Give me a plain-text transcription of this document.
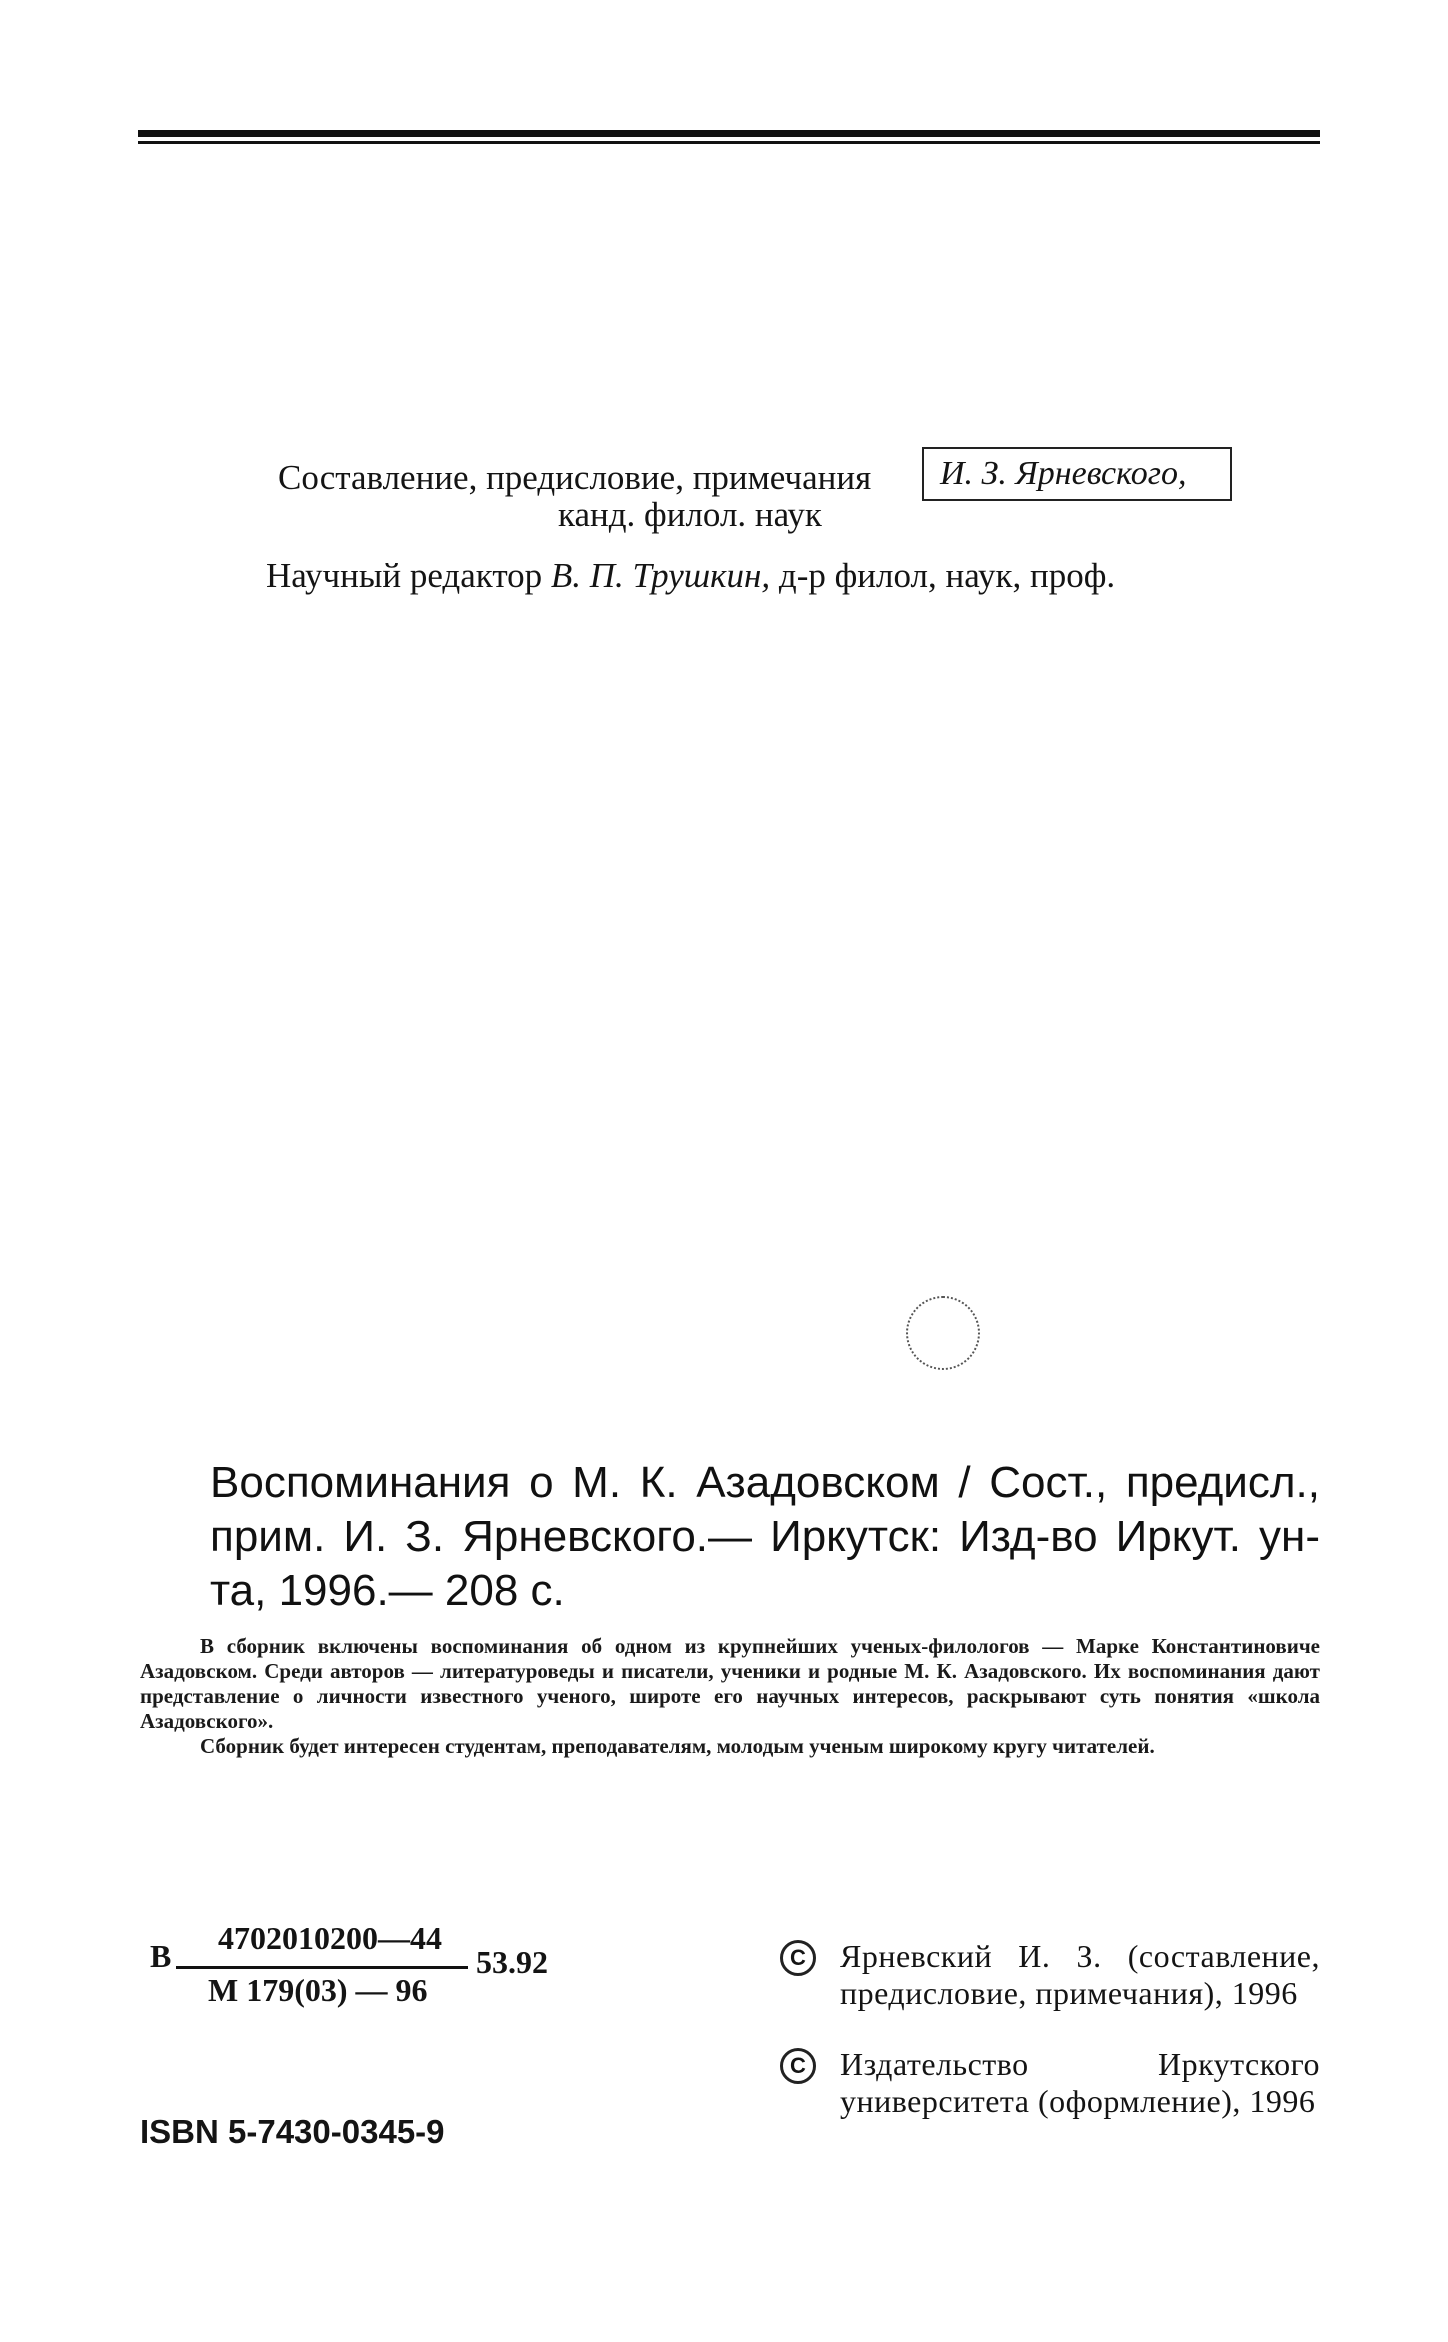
Составление, предисловие, примечания	И. З. Ярневского,
канд. филол. наук
Научный редактор В. П. Трушкин, д-р филол, наук, проф.
Воспоминания о М. К. Азадовском / Сост., предисл., прим. И. З. Ярневского.— Иркутск: Изд-во Иркут. ун-та, 1996.— 208 с.

В сборник включены воспоминания об одном из крупнейших ученых-филологов — Марке Константиновиче Азадовском. Среди авторов — литературоведы и писатели, ученики и родные М. К. Азадовского. Их воспоминания дают представление о личности известного ученого, широте его научных интересов, раскрывают суть понятия «школа Азадовского».

Сборник будет интересен студентам, преподавателям, молодым ученым широкому кругу читателей.

В 4702010200—44
М 179(03) — 96
53.92	C	Ярневский И. З. (составление, предисловие, примечания), 1996
C	Издательство Иркутского университета (оформление), 1996
ISBN 5-7430-0345-9
